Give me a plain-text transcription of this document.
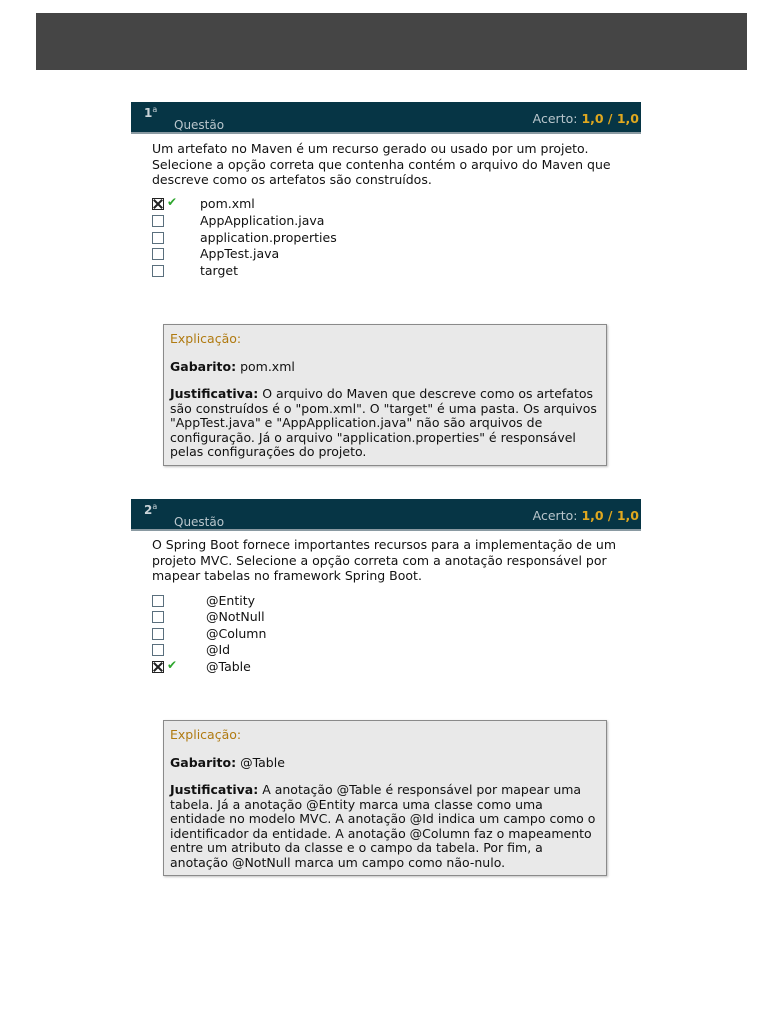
1$^a$
Questão	Acerto: 1,0 / 1,0
Um artefato no Maven é um recurso gerado ou usado por um projeto. Selecione a opção correta que contenha contém o arquivo do Maven que descreve como os artefatos são construídos.
✔ pom.xml
AppApplication.java
application.properties
AppTest.java
target
Explicação:
Gabarito: pom.xml
Justificativa: O arquivo do Maven que descreve como os artefatos são construídos é o "pom.xml". O "target" é uma pasta. Os arquivos "AppTest.java" e "AppApplication.java" não são arquivos de configuração. Já o arquivo "application.properties" é responsável pelas configurações do projeto.
2$^a$
Questão	Acerto: 1,0 / 1,0
O Spring Boot fornece importantes recursos para a implementação de um projeto MVC. Selecione a opção correta com a anotação responsável por mapear tabelas no framework Spring Boot.
@Entity
@NotNull
@Column
@Id
✔ @Table
Explicação:
Gabarito: @Table
Justificativa: A anotação @Table é responsável por mapear uma tabela. Já a anotação @Entity marca uma classe como uma entidade no modelo MVC. A anotação @Id indica um campo como o identificador da entidade. A anotação @Column faz o mapeamento entre um atributo da classe e o campo da tabela. Por fim, a anotação @NotNull marca um campo como não-nulo.
